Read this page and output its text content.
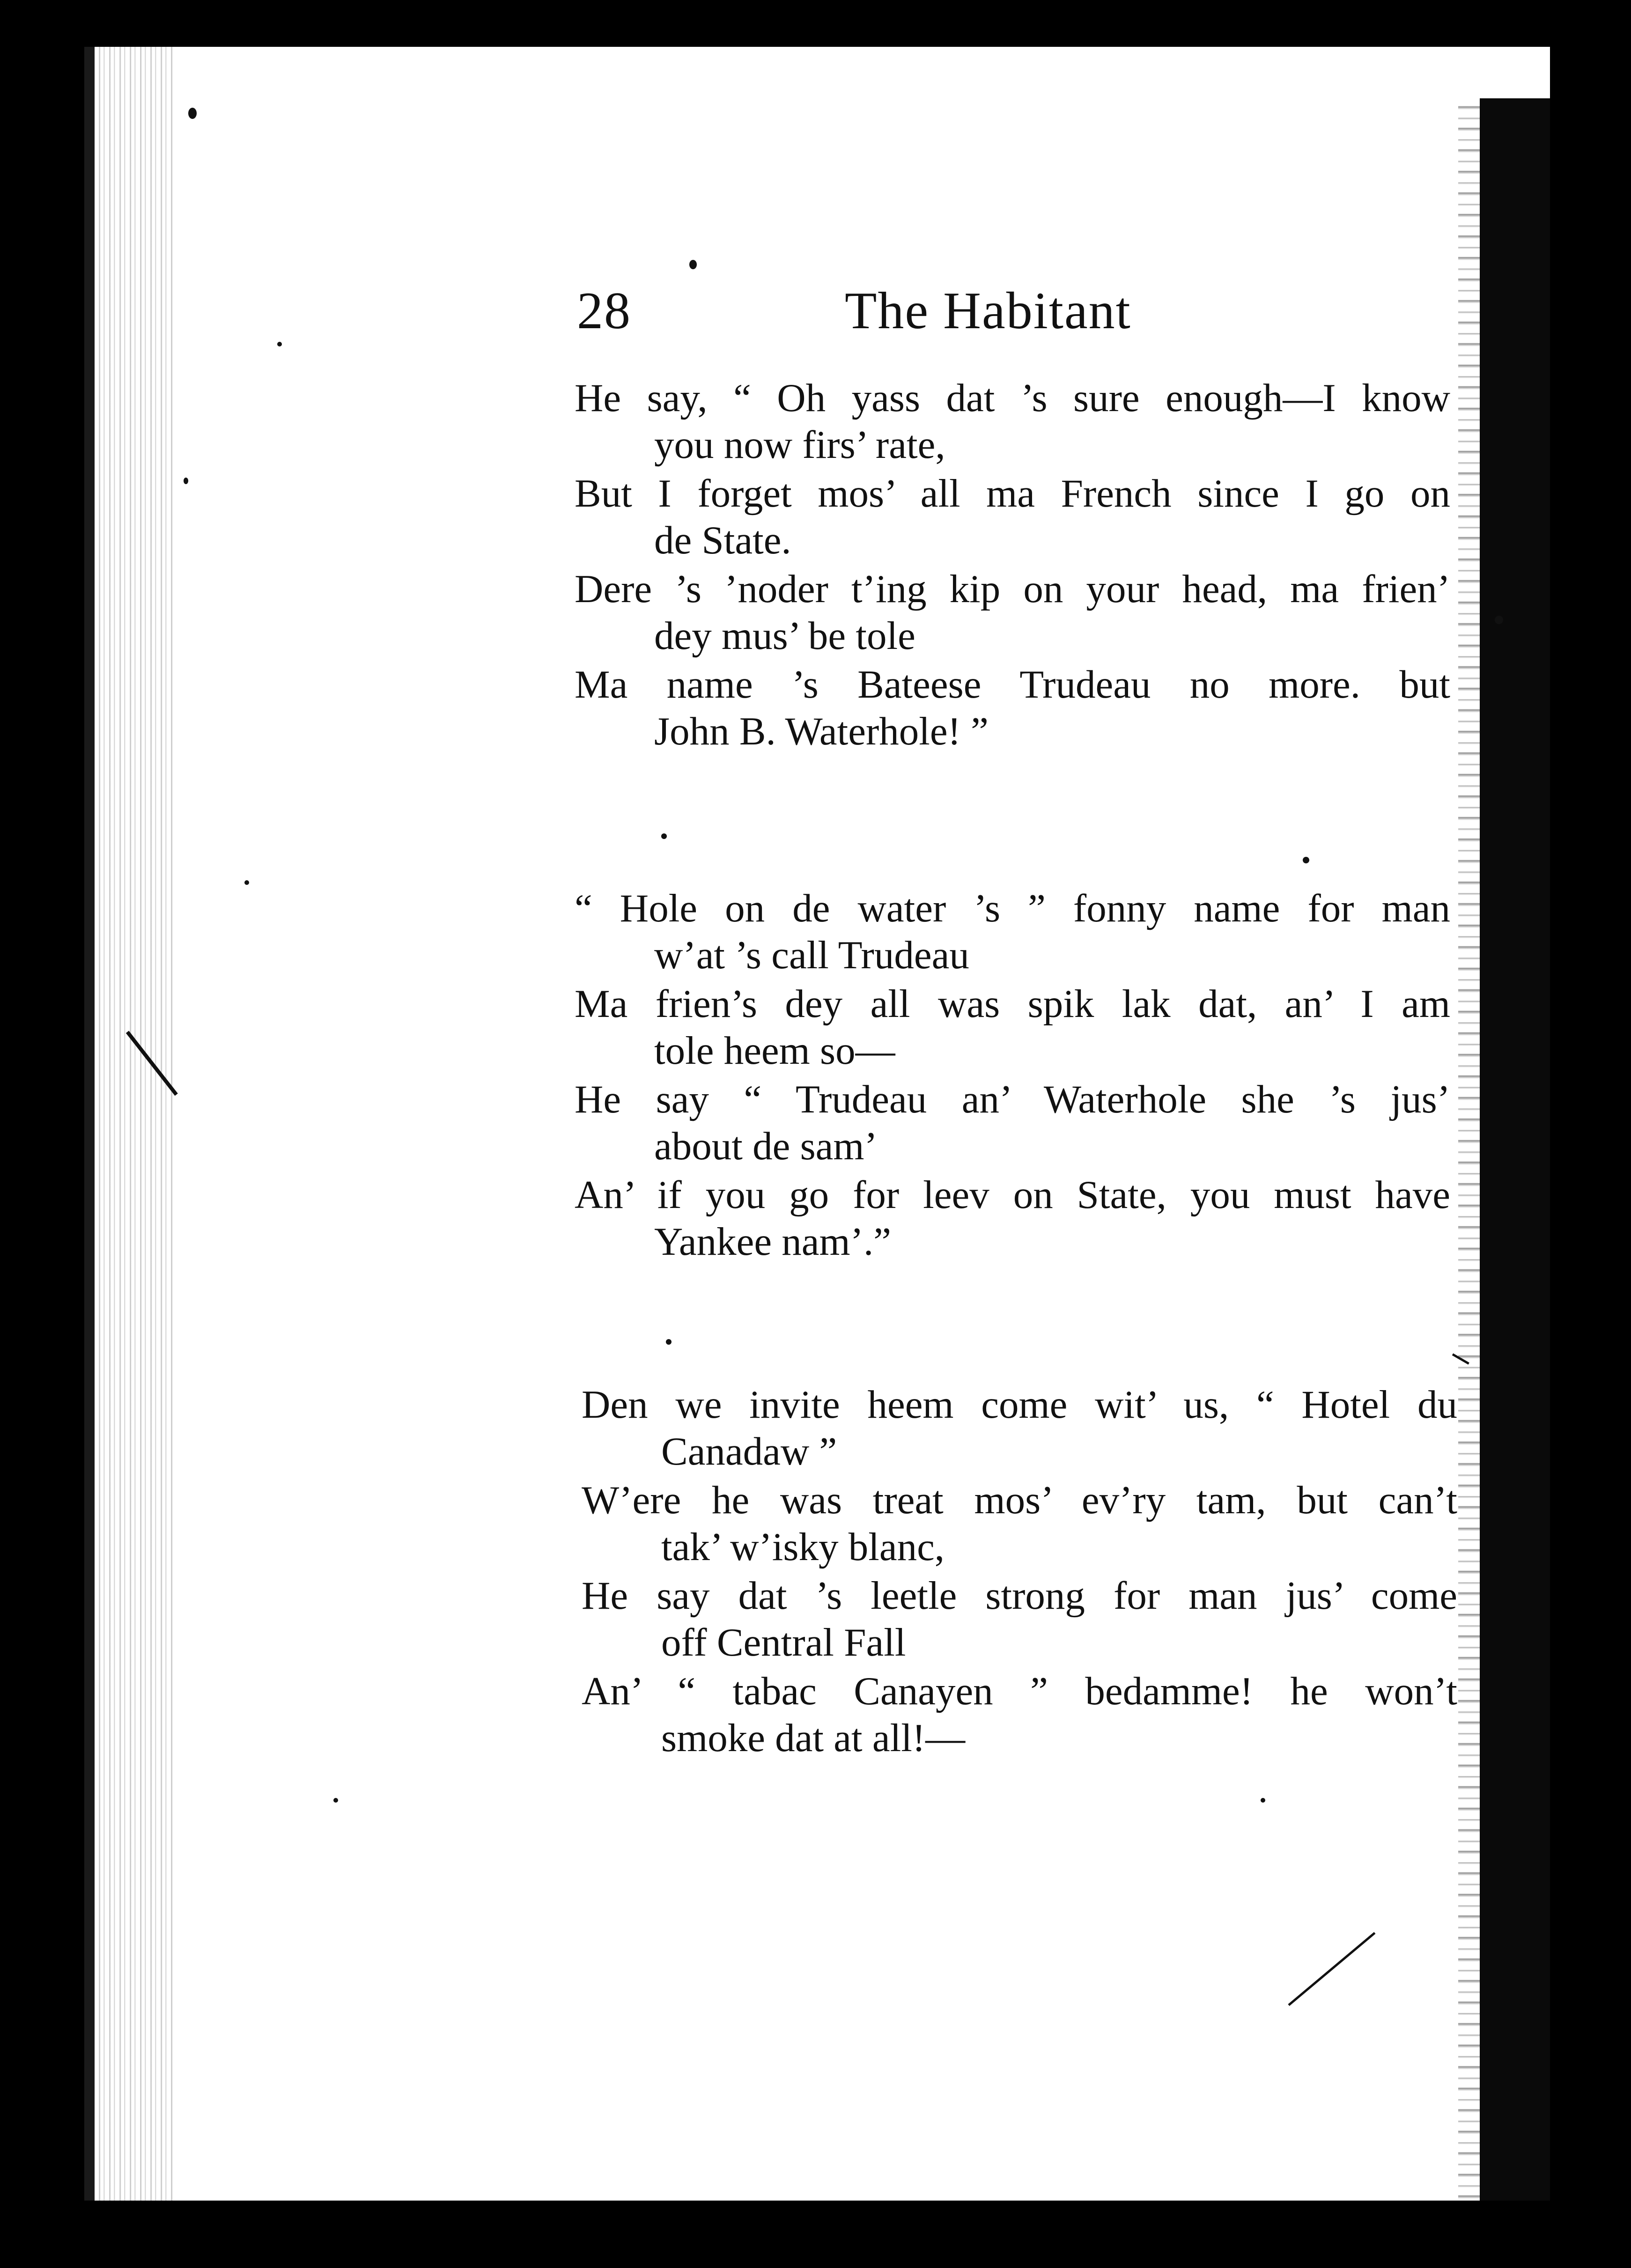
28	The Habitant
He say, “ Oh yass dat ’s sure enough—I know
you now firs’ rate,
But I forget mos’ all ma French since I go on
de State.
Dere ’s ’noder t’ing kip on your head, ma frien’
dey mus’ be tole
Ma name ’s Bateese Trudeau no more. but
John B. Waterhole! ”
“ Hole on de water ’s ” fonny name for man
w’at ’s call Trudeau
Ma frien’s dey all was spik lak dat, an’ I am
tole heem so—
He say “ Trudeau an’ Waterhole she ’s jus’
about de sam’
An’ if you go for leev on State, you must have
Yankee nam’.”
Den we invite heem come wit’ us, “ Hotel du
Canadaw ”
W’ere he was treat mos’ ev’ry tam, but can’t
tak’ w’isky blanc,
He say dat ’s leetle strong for man jus’ come
off Central Fall
An’ “ tabac Canayen ” bedamme! he won’t
smoke dat at all!—
